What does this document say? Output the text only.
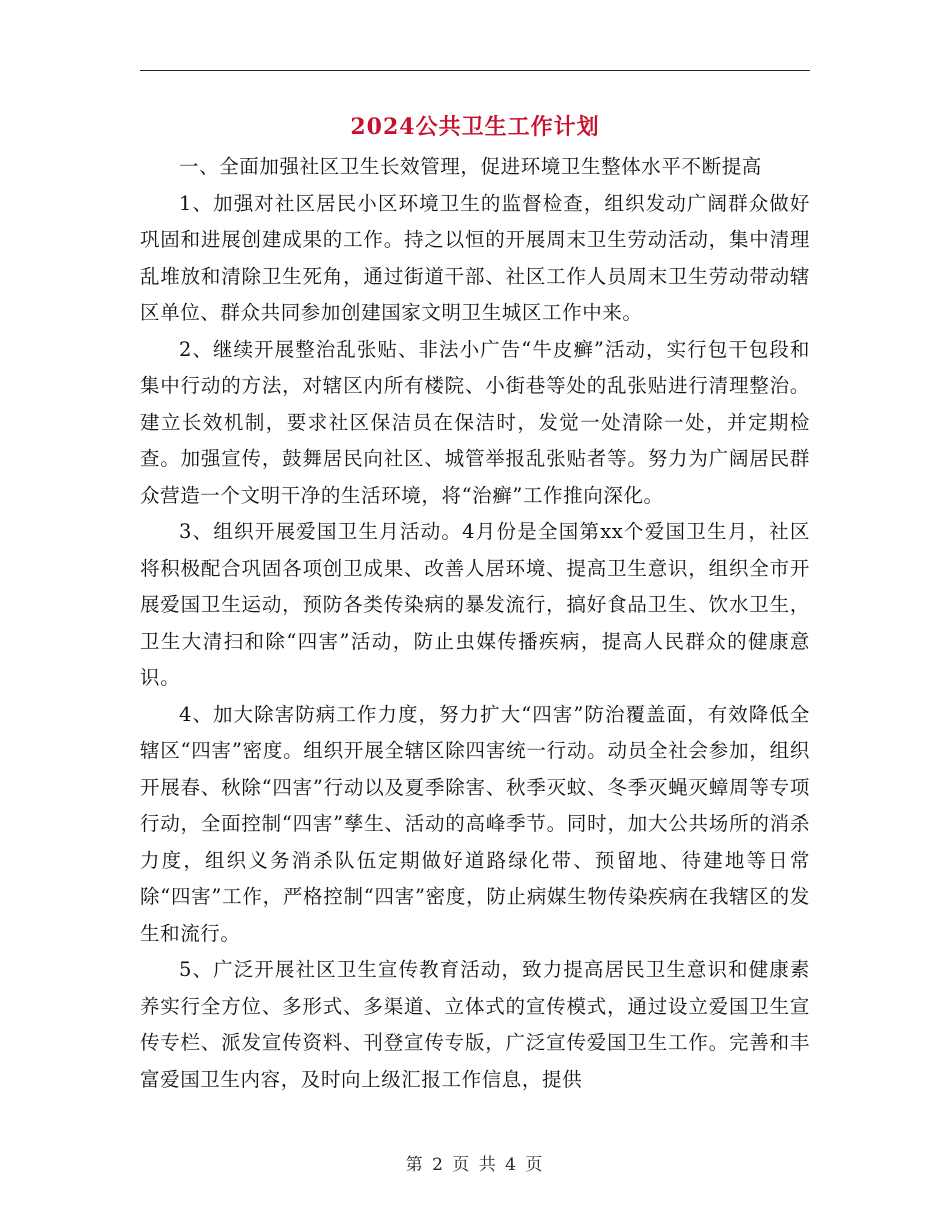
2024公共卫生工作计划

一、全面加强社区卫生长效管理，促进环境卫生整体水平不断提高

1、加强对社区居民小区环境卫生的监督检查，组织发动广阔群众做好巩固和进展创建成果的工作。持之以恒的开展周末卫生劳动活动，集中清理乱堆放和清除卫生死角，通过街道干部、社区工作人员周末卫生劳动带动辖区单位、群众共同参加创建国家文明卫生城区工作中来。

2、继续开展整治乱张贴、非法小广告“牛皮癣”活动，实行包干包段和集中行动的方法，对辖区内所有楼院、小街巷等处的乱张贴进行清理整治。建立长效机制，要求社区保洁员在保洁时，发觉一处清除一处，并定期检查。加强宣传，鼓舞居民向社区、城管举报乱张贴者等。努力为广阔居民群众营造一个文明干净的生活环境，将“治癣”工作推向深化。

3、组织开展爱国卫生月活动。4月份是全国第xx个爱国卫生月，社区将积极配合巩固各项创卫成果、改善人居环境、提高卫生意识，组织全市开展爱国卫生运动，预防各类传染病的暴发流行，搞好食品卫生、饮水卫生，卫生大清扫和除“四害”活动，防止虫媒传播疾病，提高人民群众的健康意识。

4、加大除害防病工作力度，努力扩大“四害”防治覆盖面，有效降低全辖区“四害”密度。组织开展全辖区除四害统一行动。动员全社会参加，组织开展春、秋除“四害”行动以及夏季除害、秋季灭蚊、冬季灭蝇灭蟑周等专项行动，全面控制“四害”孳生、活动的高峰季节。同时，加大公共场所的消杀力度，组织义务消杀队伍定期做好道路绿化带、预留地、待建地等日常除“四害”工作，严格控制“四害”密度，防止病媒生物传染疾病在我辖区的发生和流行。

5、广泛开展社区卫生宣传教育活动，致力提高居民卫生意识和健康素养实行全方位、多形式、多渠道、立体式的宣传模式，通过设立爱国卫生宣传专栏、派发宣传资料、刊登宣传专版，广泛宣传爱国卫生工作。完善和丰富爱国卫生内容，及时向上级汇报工作信息，提供

第 2 页 共 4 页
